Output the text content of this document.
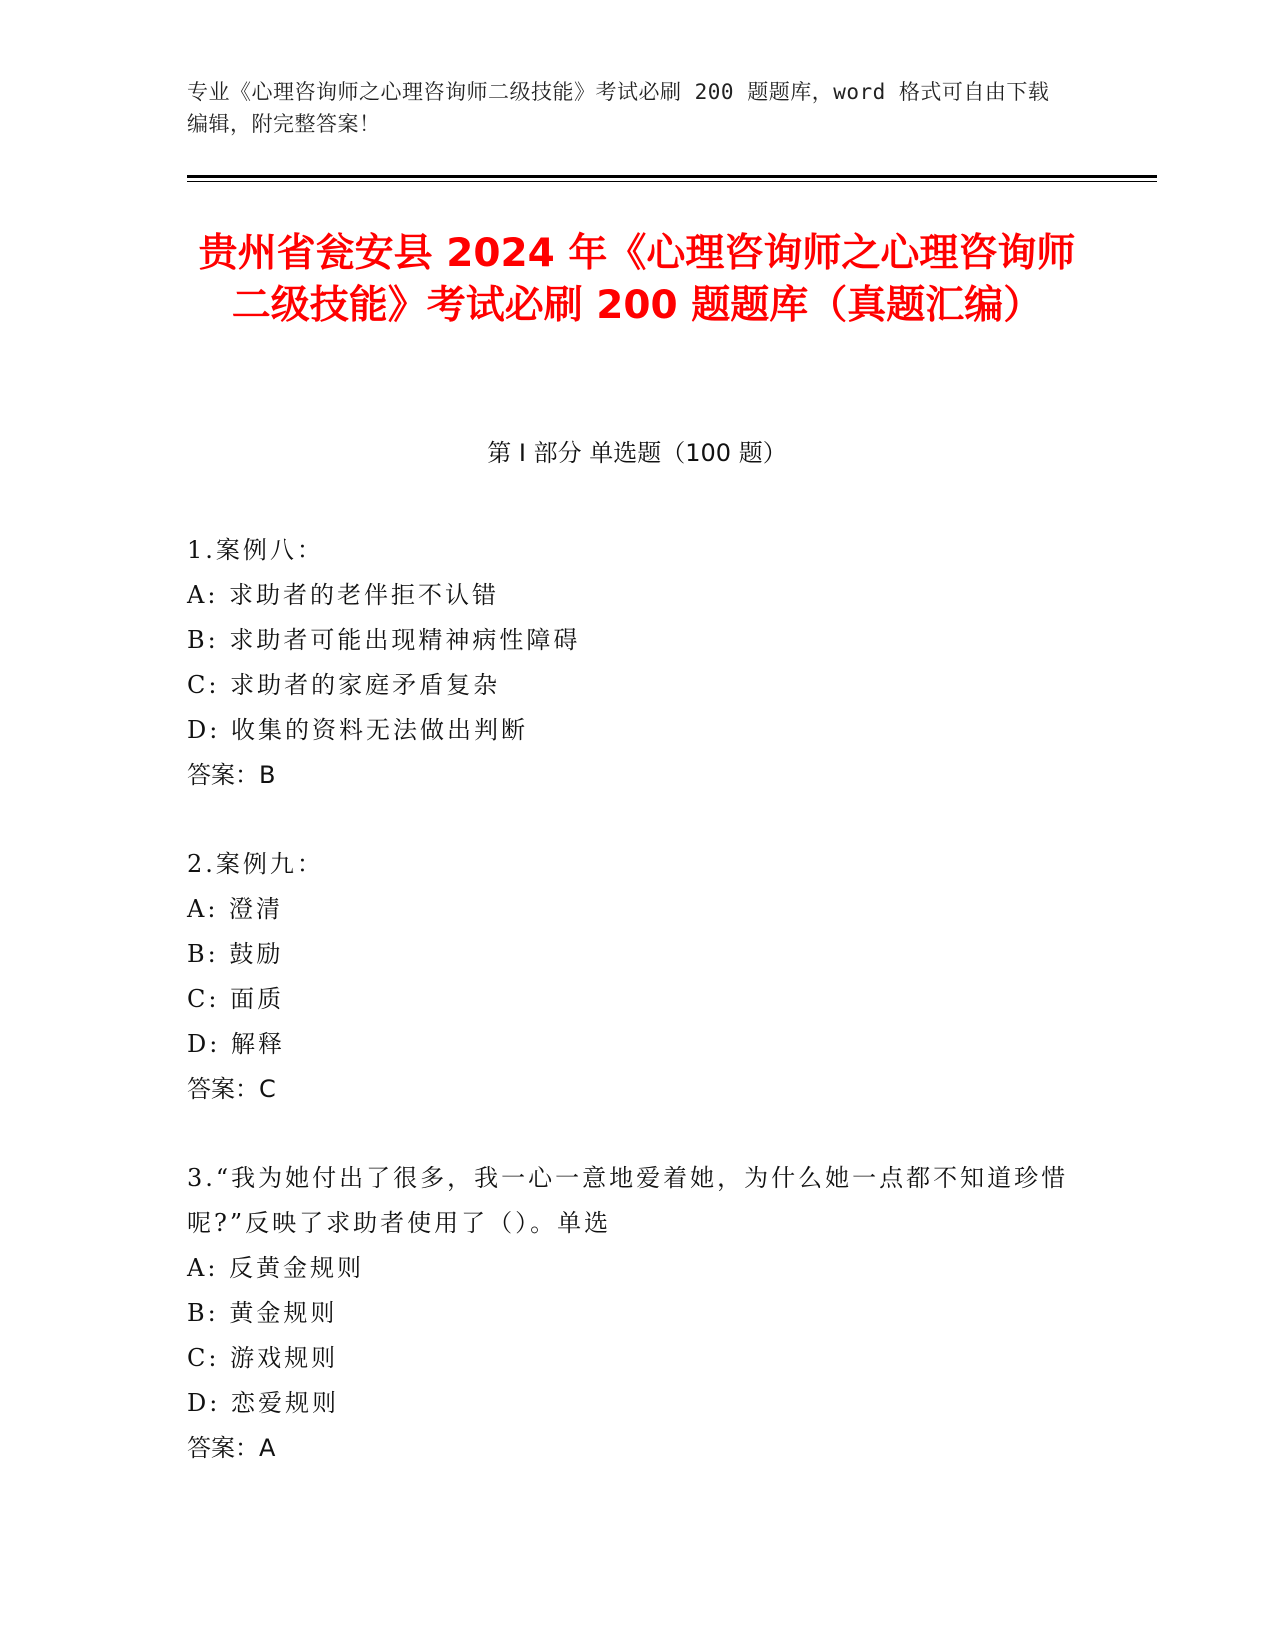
专业《心理咨询师之心理咨询师二级技能》考试必刷 200 题题库，word 格式可自由下载编辑，附完整答案！
贵州省瓮安县 2024 年《心理咨询师之心理咨询师二级技能》考试必刷 200 题题库（真题汇编）
第 I 部分 单选题（100 题）
1.案例八：
A: 求助者的老伴拒不认错
B: 求助者可能出现精神病性障碍
C: 求助者的家庭矛盾复杂
D: 收集的资料无法做出判断
答案：B
2.案例九：
A: 澄清
B: 鼓励
C: 面质
D: 解释
答案：C
3.“我为她付出了很多，我一心一意地爱着她，为什么她一点都不知道珍惜呢?”反映了求助者使用了（）。单选
A: 反黄金规则
B: 黄金规则
C: 游戏规则
D: 恋爱规则
答案：A
